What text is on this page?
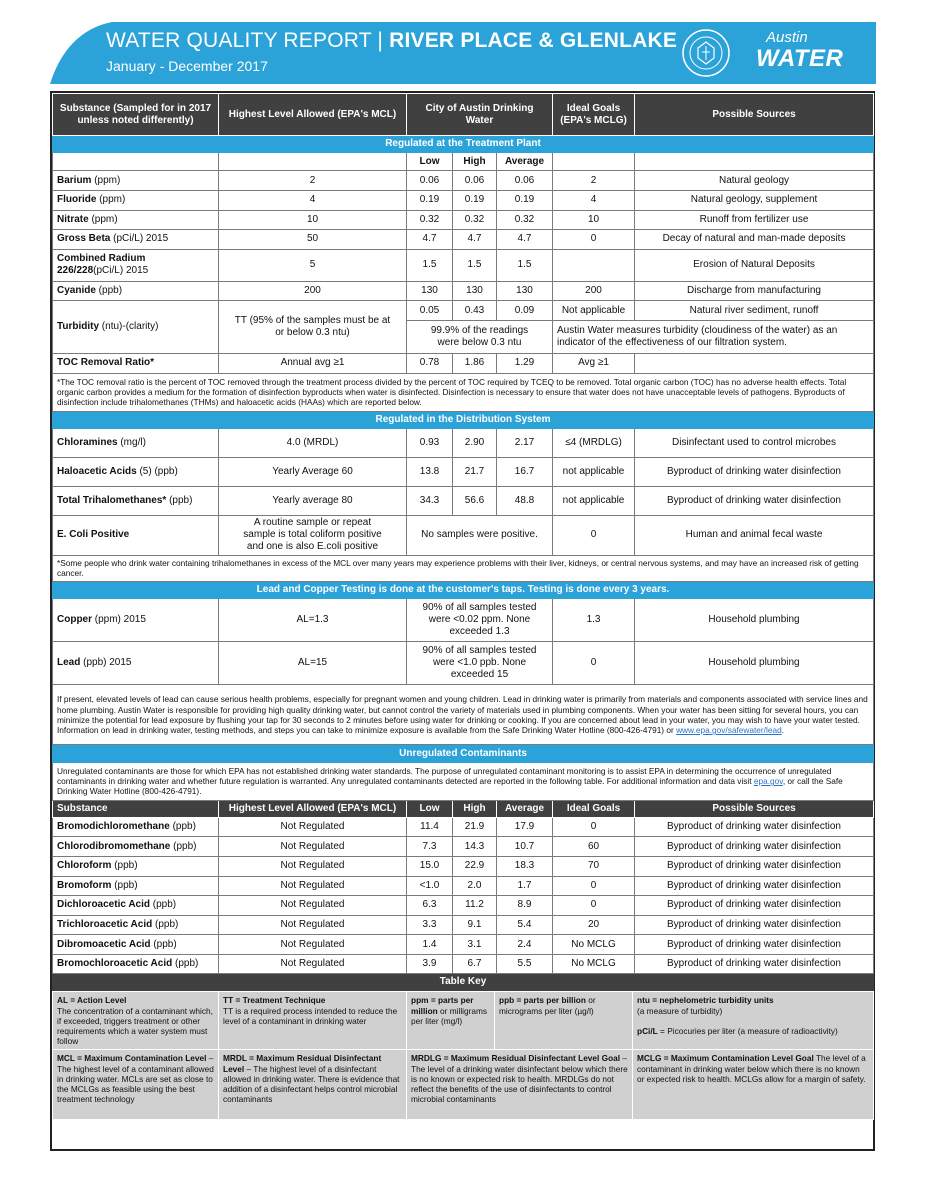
WATER QUALITY REPORT | RIVER PLACE & GLENLAKE
January - December 2017
Austin
WATER
Substance (Sampled for in 2017 unless noted differently)	Highest Level Allowed (EPA's MCL)	City of Austin Drinking Water			Ideal Goals (EPA's MCLG)	Possible Sources
Regulated at the Treatment Plant						
		Low	High	Average		
Barium (ppm)	2	0.06	0.06	0.06	2	Natural geology
Fluoride (ppm)	4	0.19	0.19	0.19	4	Natural geology, supplement
Nitrate (ppm)	10	0.32	0.32	0.32	10	Runoff from fertilizer use
Gross Beta (pCi/L) 2015	50	4.7	4.7	4.7	0	Decay of natural and man-made deposits
Combined Radium 226/228(pCi/L) 2015	5	1.5	1.5	1.5		Erosion of Natural Deposits
Cyanide (ppb)	200	130	130	130	200	Discharge from manufacturing
Turbidity (ntu)-(clarity)	TT (95% of the samples must be at or below 0.3 ntu)	0.05	0.43	0.09	Not applicable	Natural river sediment, runoff
		99.9% of the readings were below 0.3 ntu			Austin Water measures turbidity (cloudiness of the water) as an indicator of the effectiveness of our filtration system.	
TOC Removal Ratio*	Annual avg ≥1	0.78	1.86	1.29	Avg ≥1	
*The TOC removal ratio is the percent of TOC removed through the treatment process divided by the percent of TOC required by TCEQ to be removed. Total organic carbon (TOC) has no adverse health effects. Total organic carbon provides a medium for the formation of disinfection byproducts when water is disinfected. Disinfection is necessary to ensure that water does not have unacceptable levels of pathogens. Byproducts of disinfection include trihalomethanes (THMs) and haloacetic acids (HAAs) which are reported below.						
Regulated in the Distribution System						
Chloramines (mg/l)	4.0 (MRDL)	0.93	2.90	2.17	≤4 (MRDLG)	Disinfectant used to control microbes
Haloacetic Acids (5) (ppb)	Yearly Average 60	13.8	21.7	16.7	not applicable	Byproduct of drinking water disinfection
Total Trihalomethanes* (ppb)	Yearly average 80	34.3	56.6	48.8	not applicable	Byproduct of drinking water disinfection
E. Coli Positive	A routine sample or repeat sample is total coliform positive and one is also E.coli positive	No samples were positive.			0	Human and animal fecal waste
*Some people who drink water containing trihalomethanes in excess of the MCL over many years may experience problems with their liver, kidneys, or central nervous systems, and may have an increased risk of getting cancer.						
Lead and Copper Testing is done at the customer's taps. Testing is done every 3 years.						
Copper (ppm) 2015	AL=1.3	90% of all samples tested were <0.02 ppm. None exceeded 1.3			1.3	Household plumbing
Lead (ppb) 2015	AL=15	90% of all samples tested were <1.0 ppb. None exceeded 15			0	Household plumbing
If present, elevated levels of lead can cause serious health problems, especially for pregnant women and young children. Lead in drinking water is primarily from materials and components associated with service lines and home plumbing. Austin Water is responsible for providing high quality drinking water, but cannot control the variety of materials used in plumbing components. When your water has been sitting for several hours, you can minimize the potential for lead exposure by flushing your tap for 30 seconds to 2 minutes before using water for drinking or cooking. If you are concerned about lead in your water, you may wish to have your water tested. Information on lead in drinking water, testing methods, and steps you can take to minimize exposure is available from the Safe Drinking Water Hotline (800-426-4791) or www.epa.gov/safewater/lead.						
Unregulated Contaminants						
Unregulated contaminants are those for which EPA has not established drinking water standards. The purpose of unregulated contaminant monitoring is to assist EPA in determining the occurrence of unregulated contaminants in drinking water and whether future regulation is warranted. Any unregulated contaminants detected are reported in the following table. For additional information and data visit epa.gov, or call the Safe Drinking Water Hotline (800-426-4791).						
Substance	Highest Level Allowed (EPA's MCL)	Low	High	Average	Ideal Goals	Possible Sources
Bromodichloromethane (ppb)	Not Regulated	11.4	21.9	17.9	0	Byproduct of drinking water disinfection
Chlorodibromomethane (ppb)	Not Regulated	7.3	14.3	10.7	60	Byproduct of drinking water disinfection
Chloroform (ppb)	Not Regulated	15.0	22.9	18.3	70	Byproduct of drinking water disinfection
Bromoform (ppb)	Not Regulated	<1.0	2.0	1.7	0	Byproduct of drinking water disinfection
Dichloroacetic Acid (ppb)	Not Regulated	6.3	11.2	8.9	0	Byproduct of drinking water disinfection
Trichloroacetic Acid (ppb)	Not Regulated	3.3	9.1	5.4	20	Byproduct of drinking water disinfection
Dibromoacetic Acid (ppb)	Not Regulated	1.4	3.1	2.4	No MCLG	Byproduct of drinking water disinfection
Bromochloroacetic Acid (ppb)	Not Regulated	3.9	6.7	5.5	No MCLG	Byproduct of drinking water disinfection
Table Key						
AL = Action Level
The concentration of a contaminant which, if exceeded, triggers treatment or other requirements which a water system must follow	TT = Treatment Technique
TT is a required process intended to reduce the level of a contaminant in drinking water	ppm = parts per million or milligrams per liter (mg/l)	ppb = parts per billion or micrograms per liter (µg/l)	ntu = nephelometric turbidity units
(a measure of turbidity)

pCi/L = Picocuries per liter (a measure of radioactivity)
MCL = Maximum Contamination Level – The highest level of a contaminant allowed in drinking water. MCLs are set as close to the MCLGs as feasible using the best treatment technology	MRDL = Maximum Residual Disinfectant Level – The highest level of a disinfectant allowed in drinking water. There is evidence that addition of a disinfectant helps control microbial contaminants	MRDLG = Maximum Residual Disinfectant Level Goal – The level of a drinking water disinfectant below which there is no known or expected risk to health. MRDLGs do not reflect the benefits of the use of disinfectants to control microbial contaminants		MCLG = Maximum Contamination Level Goal The level of a contaminant in drinking water below which there is no known or expected risk to health. MCLGs allow for a margin of safety.
